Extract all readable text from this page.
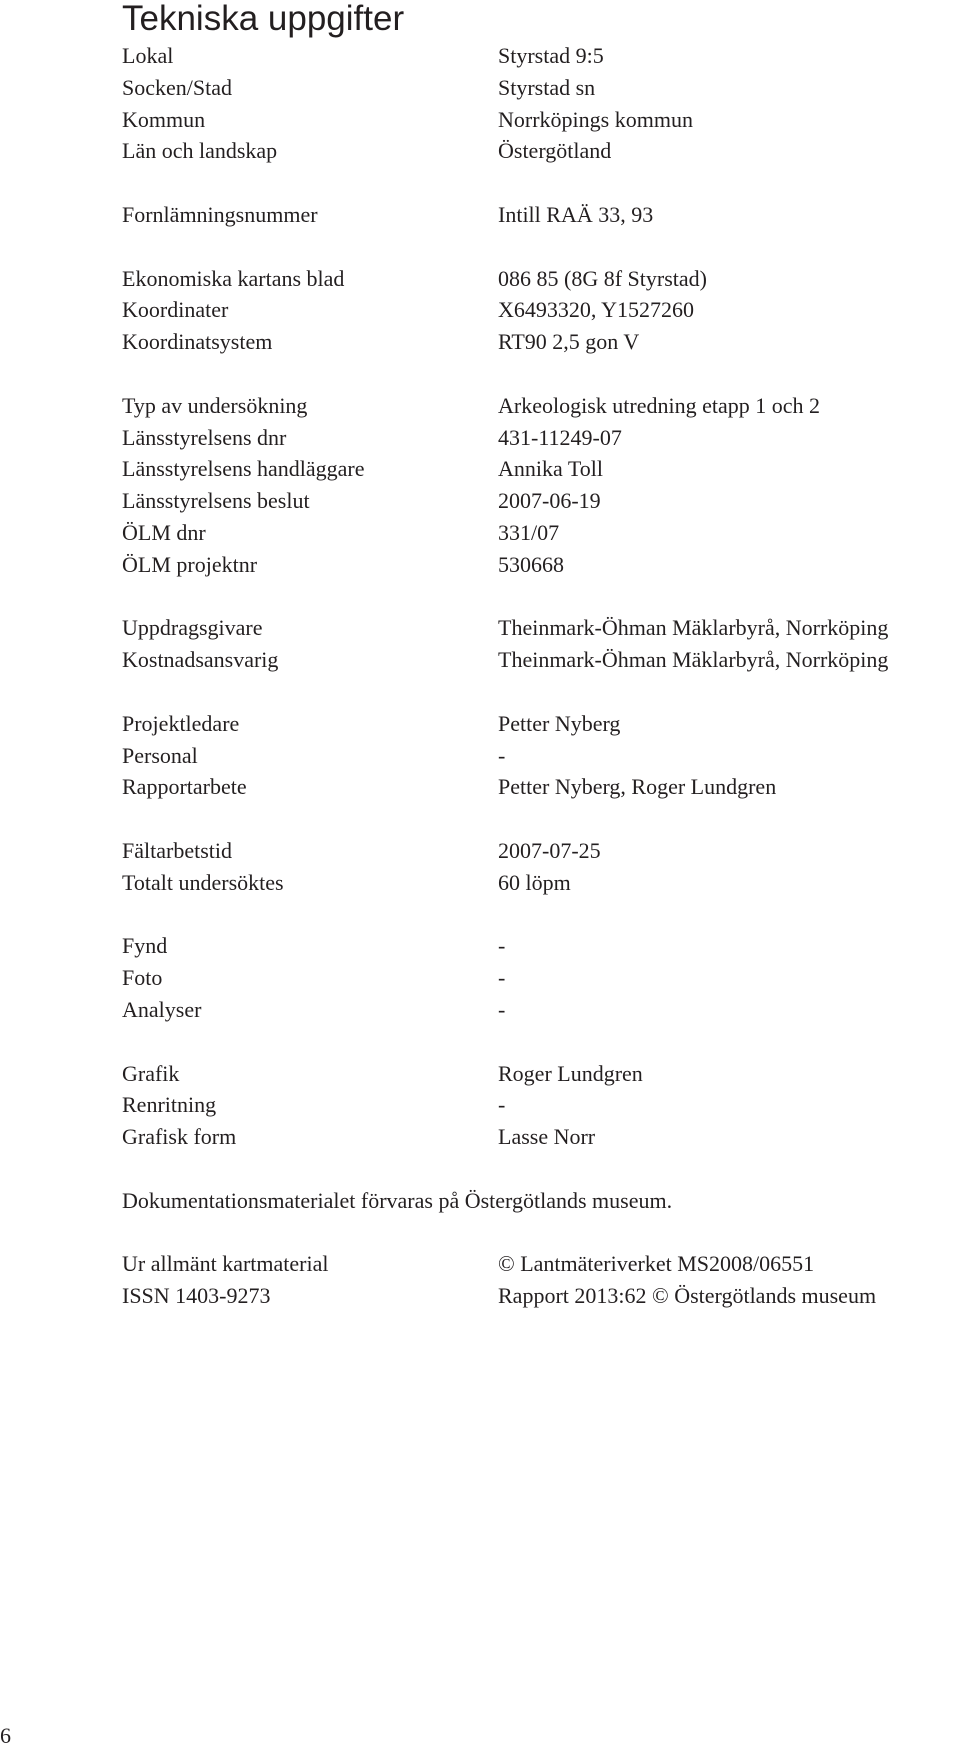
Tekniska uppgifter
Lokal	Styrstad 9:5
Socken/Stad	Styrstad sn
Kommun	Norrköpings kommun
Län och landskap	Östergötland
Fornlämningsnummer	Intill RAÄ 33, 93
Ekonomiska kartans blad	086 85 (8G 8f Styrstad)
Koordinater	X6493320, Y1527260
Koordinatsystem	RT90 2,5 gon V
Typ av undersökning	Arkeologisk utredning etapp 1 och 2
Länsstyrelsens dnr	431-11249-07
Länsstyrelsens handläggare	Annika Toll
Länsstyrelsens beslut	2007-06-19
ÖLM dnr	331/07
ÖLM projektnr	530668
Uppdragsgivare	Theinmark-Öhman Mäklarbyrå, Norrköping
Kostnadsansvarig	Theinmark-Öhman Mäklarbyrå, Norrköping
Projektledare	Petter Nyberg
Personal	-
Rapportarbete	Petter Nyberg, Roger Lundgren
Fältarbetstid	2007-07-25
Totalt undersöktes	60 löpm
Fynd	-
Foto	-
Analyser	-
Grafik	Roger Lundgren
Renritning	-
Grafisk form	Lasse Norr
Dokumentationsmaterialet förvaras på Östergötlands museum.
Ur allmänt kartmaterial	© Lantmäteriverket MS2008/06551
ISSN 1403-9273	Rapport 2013:62 © Östergötlands museum
6
